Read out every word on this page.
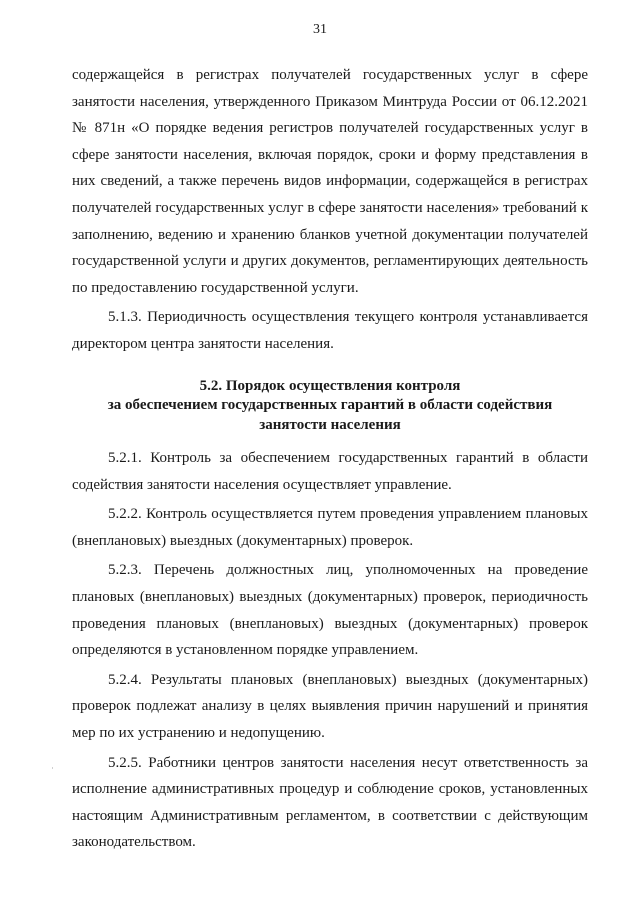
31

содержащейся в регистрах получателей государственных услуг в сфере занятости населения, утвержденного Приказом Минтруда России от 06.12.2021 № 871н «О порядке ведения регистров получателей государственных услуг в сфере занятости населения, включая порядок, сроки и форму представления в них сведений, а также перечень видов информации, содержащейся в регистрах получателей государственных услуг в сфере занятости населения» требований к заполнению, ведению и хранению бланков учетной документации получателей государственной услуги и других документов, регламентирующих деятельность по предоставлению государственной услуги.

5.1.3. Периодичность осуществления текущего контроля устанавливается директором центра занятости населения.

5.2. Порядок осуществления контроля
за обеспечением государственных гарантий в области содействия
занятости населения

5.2.1. Контроль за обеспечением государственных гарантий в области содействия занятости населения осуществляет управление.

5.2.2. Контроль осуществляется путем проведения управлением плановых (внеплановых) выездных (документарных) проверок.

5.2.3. Перечень должностных лиц, уполномоченных на проведение плановых (внеплановых) выездных (документарных) проверок, периодичность проведения плановых (внеплановых) выездных (документарных) проверок определяются в установленном порядке управлением.

5.2.4. Результаты плановых (внеплановых) выездных (документарных) проверок подлежат анализу в целях выявления причин нарушений и принятия мер по их устранению и недопущению.

5.2.5. Работники центров занятости населения несут ответственность за исполнение административных процедур и соблюдение сроков, установленных настоящим Административным регламентом, в соответствии с действующим законодательством.
